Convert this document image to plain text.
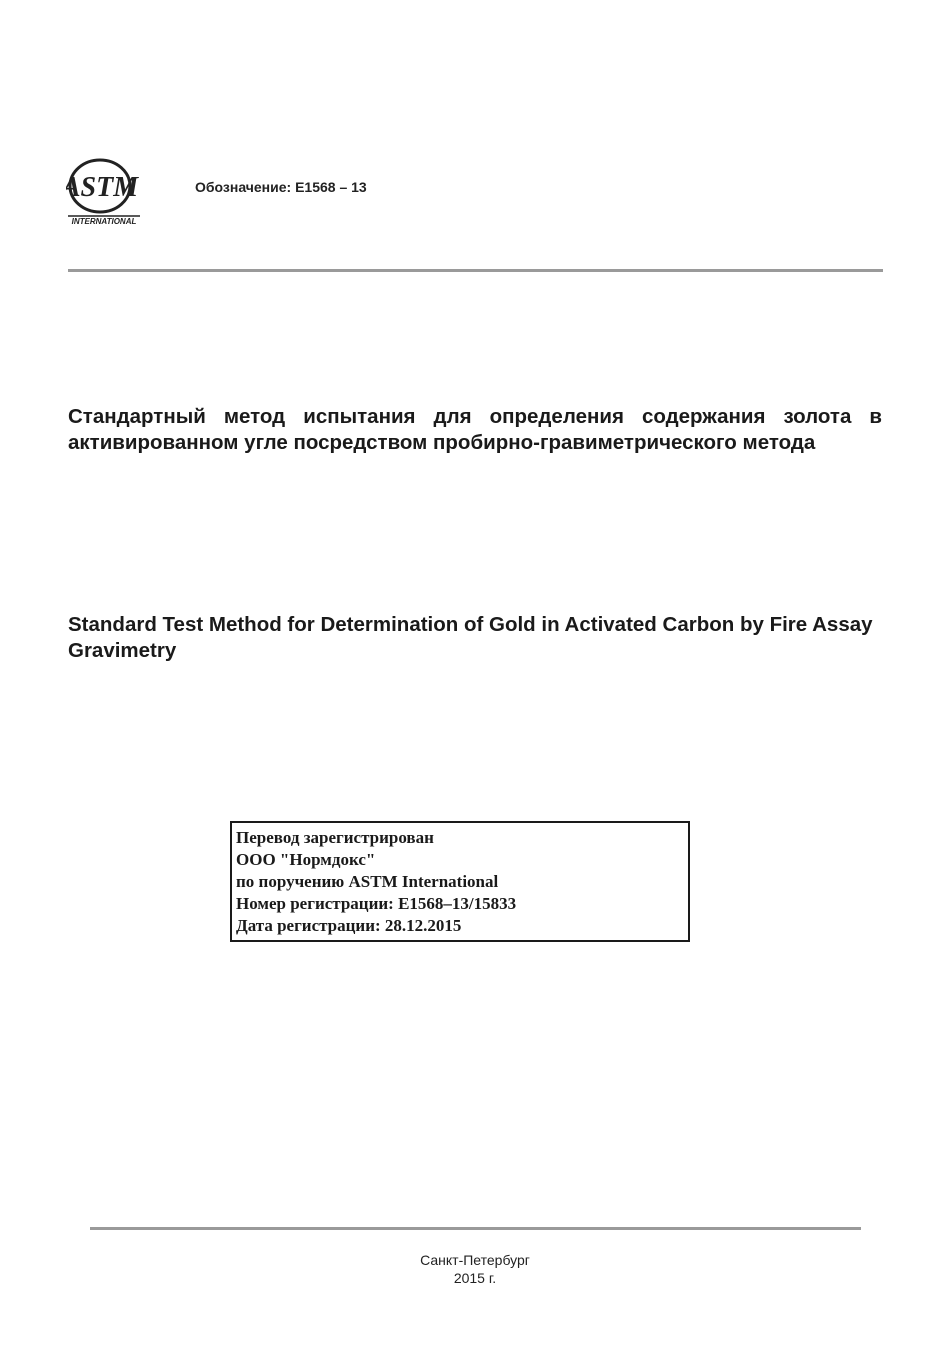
ASTM
INTERNATIONAL
Обозначение: E1568 – 13
Стандартный метод испытания для определения содержания золота в активированном угле посредством пробирно-гравиметрического метода
Standard Test Method for Determination of Gold in Activated Carbon by Fire Assay Gravimetry
Перевод зарегистрирован
ООО "Нормдокс"
по поручению ASTM International
Номер регистрации: E1568–13/15833
Дата регистрации: 28.12.2015
Санкт-Петербург
2015 г.
